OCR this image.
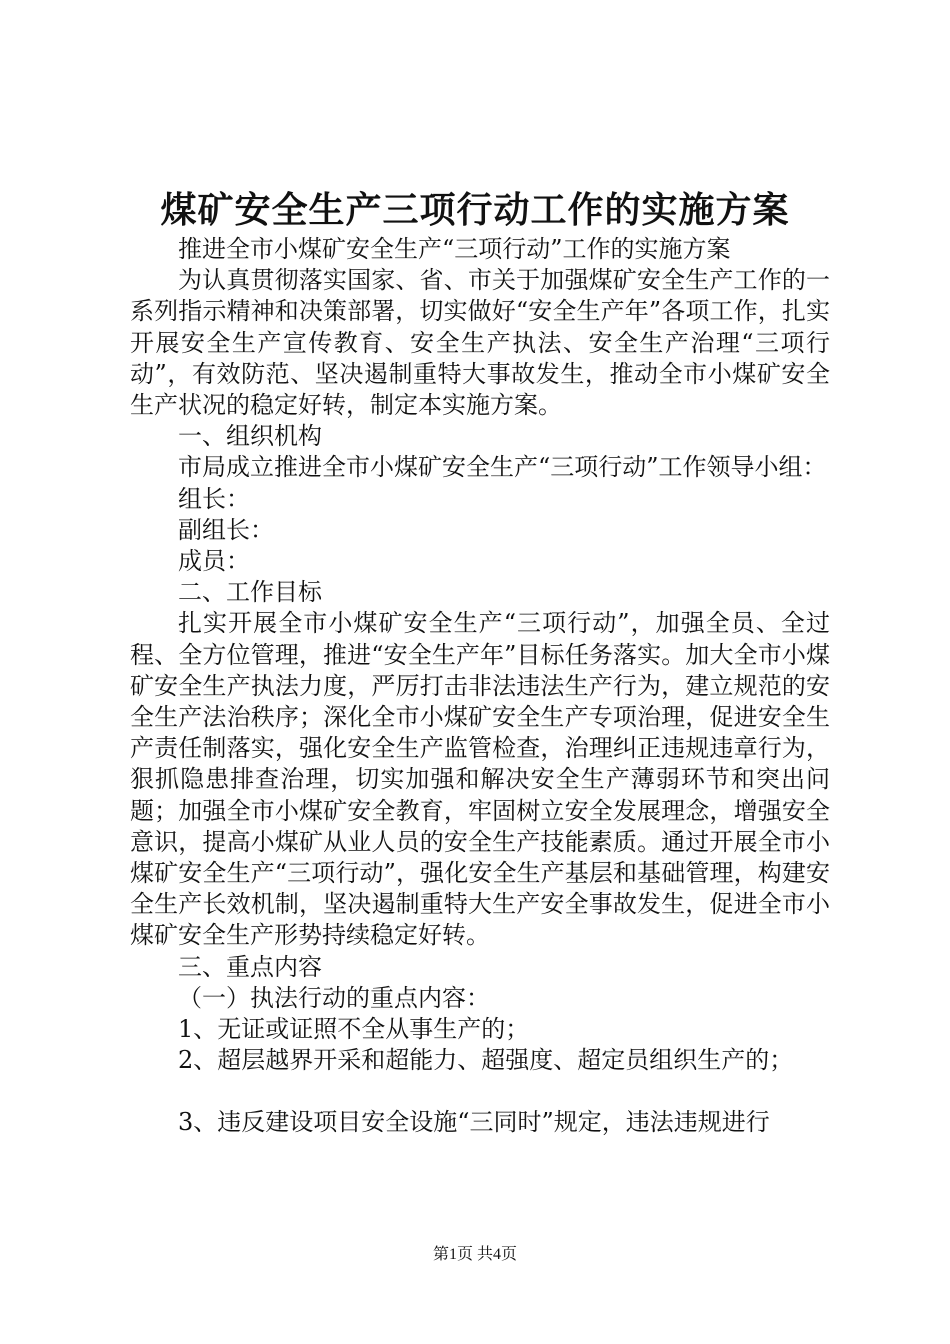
煤矿安全生产三项行动工作的实施方案

推进全市小煤矿安全生产“三项行动”工作的实施方案

为认真贯彻落实国家、省、市关于加强煤矿安全生产工作的一系列指示精神和决策部署，切实做好“安全生产年”各项工作，扎实开展安全生产宣传教育、安全生产执法、安全生产治理“三项行动”，有效防范、坚决遏制重特大事故发生，推动全市小煤矿安全生产状况的稳定好转，制定本实施方案。

一、组织机构

市局成立推进全市小煤矿安全生产“三项行动”工作领导小组：

组长：

副组长：

成员：

二、工作目标

扎实开展全市小煤矿安全生产“三项行动”，加强全员、全过程、全方位管理，推进“安全生产年”目标任务落实。加大全市小煤矿安全生产执法力度，严厉打击非法违法生产行为，建立规范的安全生产法治秩序；深化全市小煤矿安全生产专项治理，促进安全生产责任制落实，强化安全生产监管检查，治理纠正违规违章行为，狠抓隐患排查治理，切实加强和解决安全生产薄弱环节和突出问题；加强全市小煤矿安全教育，牢固树立安全发展理念，增强安全意识，提高小煤矿从业人员的安全生产技能素质。通过开展全市小煤矿安全生产“三项行动”，强化安全生产基层和基础管理，构建安全生产长效机制，坚决遏制重特大生产安全事故发生，促进全市小煤矿安全生产形势持续稳定好转。

三、重点内容

（一）执法行动的重点内容：

1、无证或证照不全从事生产的；

2、超层越界开采和超能力、超强度、超定员组织生产的；

3、违反建设项目安全设施“三同时”规定，违法违规进行

第1页 共4页
